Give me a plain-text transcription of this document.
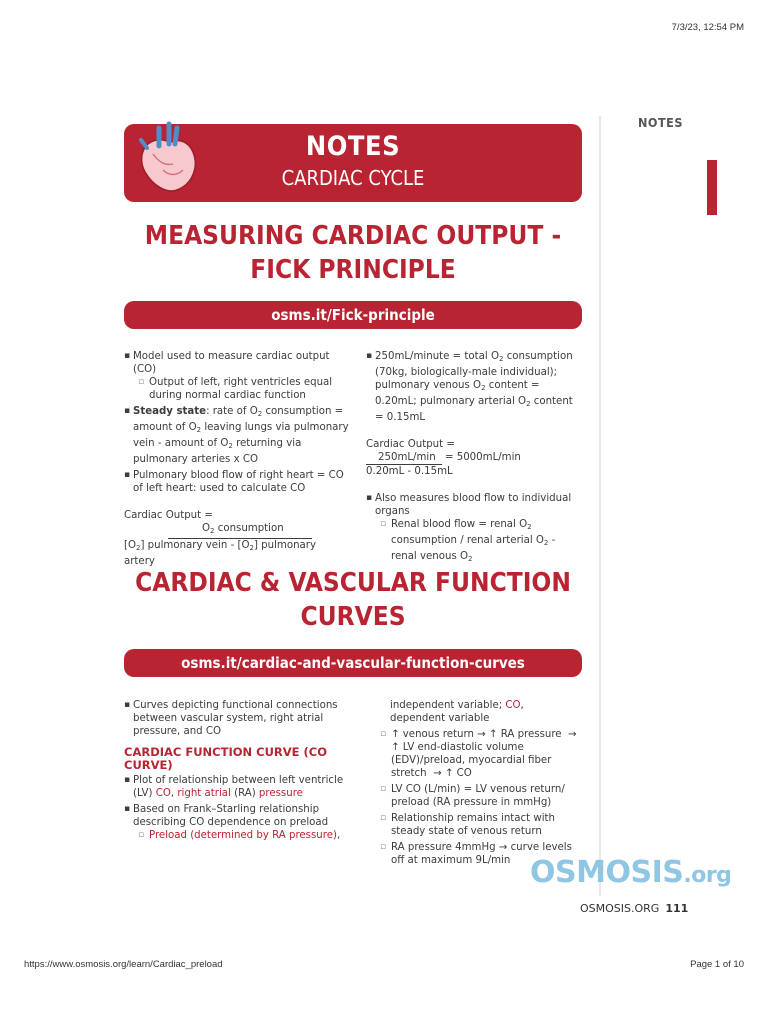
7/3/23, 12:54 PM
NOTES
NOTES
CARDIAC CYCLE
MEASURING CARDIAC OUTPUT -
FICK PRINCIPLE
osms.it/Fick-principle

▪ Model used to measure cardiac output (CO)

▫ Output of left, right ventricles equal during normal cardiac function

▪ Steady state: rate of $O_2$ consumption = amount of $O_2$ leaving lungs via pulmonary vein - amount of $O_2$ returning via pulmonary arteries x CO

▪ Pulmonary blood flow of right heart = CO of left heart: used to calculate CO

Cardiac Output =

$O_2$ consumption

$[O_2]$ pulmonary vein - $[O_2]$ pulmonary artery

▪ 250mL/minute = total $O_2$ consumption (70kg, biologically-male individual); pulmonary venous $O_2$ content = 0.20mL; pulmonary arterial $O_2$ content = 0.15mL

Cardiac Output =

250mL/min = 5000mL/min

0.20mL - 0.15mL

▪ Also measures blood flow to individual organs

▫ Renal blood flow = renal $O_2$ consumption / renal arterial $O_2$ - renal venous $O_2$

CARDIAC & VASCULAR FUNCTION
CURVES
osms.it/cardiac-and-vascular-function-curves

▪ Curves depicting functional connections between vascular system, right atrial pressure, and CO

CARDIAC FUNCTION CURVE (CO
CURVE)

▪ Plot of relationship between left ventricle (LV) CO, right atrial (RA) pressure

▪ Based on Frank–Starling relationship describing CO dependence on preload

▫ Preload (determined by RA pressure),

independent variable; CO, dependent variable

▫ ↑ venous return → ↑ RA pressure  → ↑ LV end-diastolic volume (EDV)/preload, myocardial fiber stretch  → ↑ CO

▫ LV CO (L/min) = LV venous return/ preload (RA pressure in mmHg)

▫ Relationship remains intact with steady state of venous return

▫ RA pressure 4mmHg → curve levels off at maximum 9L/min OSMOSIS.org
OSMOSIS.ORG 111
https://www.osmosis.org/learn/Cardiac_preload	Page 1 of 10
